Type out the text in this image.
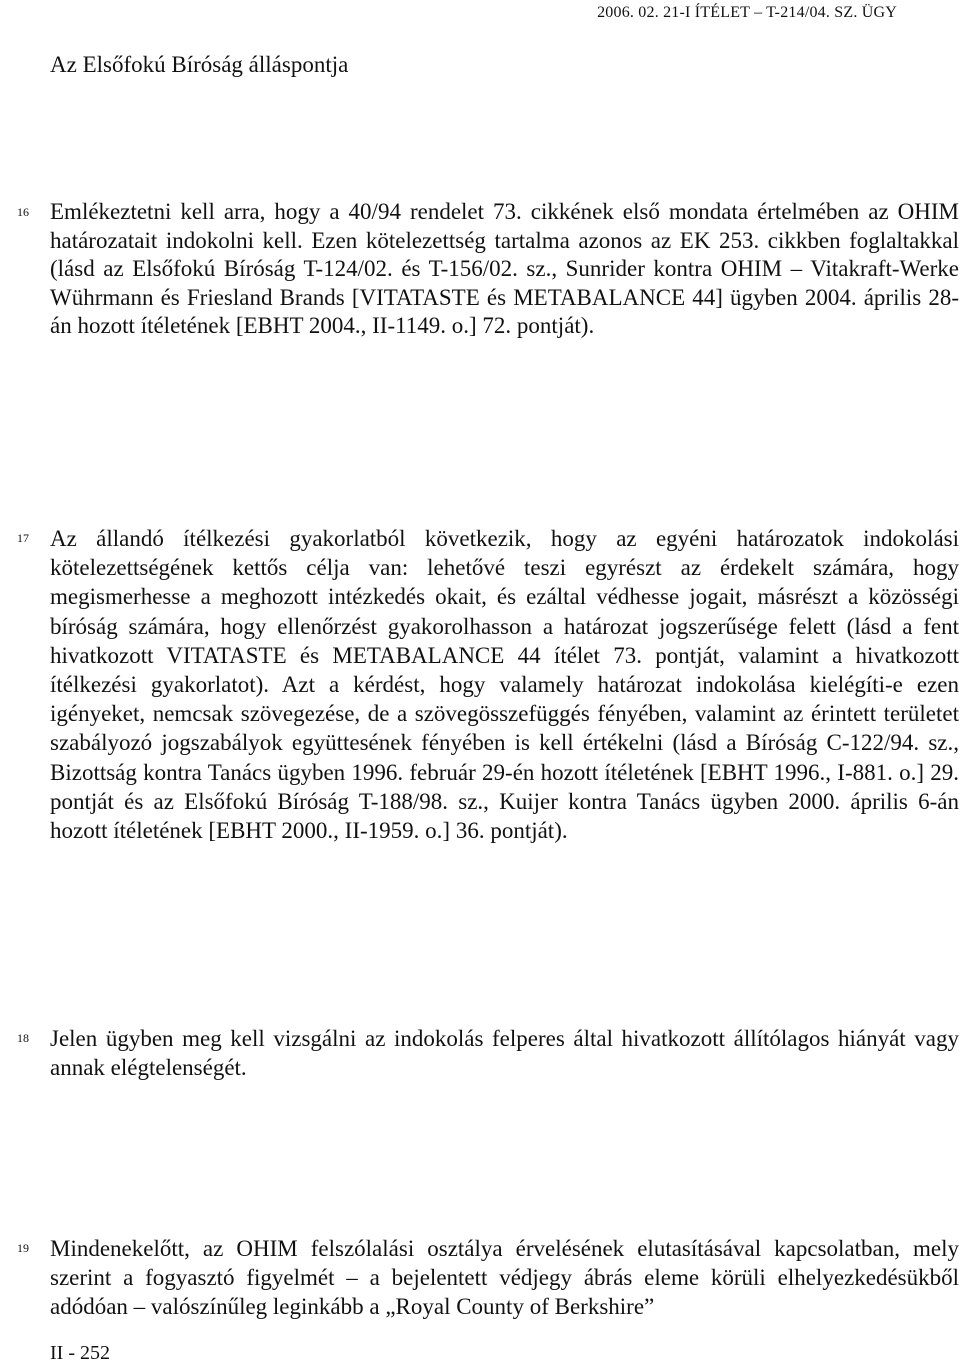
2006. 02. 21-I ÍTÉLET – T-214/04. SZ. ÜGY
Az Elsőfokú Bíróság álláspontja
16 Emlékeztetni kell arra, hogy a 40/94 rendelet 73. cikkének első mondata értelmében az OHIM határozatait indokolni kell. Ezen kötelezettség tartalma azonos az EK 253. cikkben foglaltakkal (lásd az Elsőfokú Bíróság T-124/02. és T-156/02. sz., Sunrider kontra OHIM – Vitakraft-Werke Wührmann és Friesland Brands [VITATASTE és METABALANCE 44] ügyben 2004. április 28-án hozott ítéletének [EBHT 2004., II-1149. o.] 72. pontját).
17 Az állandó ítélkezési gyakorlatból következik, hogy az egyéni határozatok indokolási kötelezettségének kettős célja van: lehetővé teszi egyrészt az érdekelt számára, hogy megismerhesse a meghozott intézkedés okait, és ezáltal védhesse jogait, másrészt a közösségi bíróság számára, hogy ellenőrzést gyakorolhasson a határozat jogszerűsége felett (lásd a fent hivatkozott VITATASTE és METABALANCE 44 ítélet 73. pontját, valamint a hivatkozott ítélkezési gyakorlatot). Azt a kérdést, hogy valamely határozat indokolása kielégíti-e ezen igényeket, nemcsak szövegezése, de a szövegösszefüggés fényében, valamint az érintett területet szabályozó jogszabályok együttesének fényében is kell értékelni (lásd a Bíróság C-122/94. sz., Bizottság kontra Tanács ügyben 1996. február 29-én hozott ítéletének [EBHT 1996., I-881. o.] 29. pontját és az Elsőfokú Bíróság T-188/98. sz., Kuijer kontra Tanács ügyben 2000. április 6-án hozott ítéletének [EBHT 2000., II-1959. o.] 36. pontját).
18 Jelen ügyben meg kell vizsgálni az indokolás felperes által hivatkozott állítólagos hiányát vagy annak elégtelenségét.
19 Mindenekelőtt, az OHIM felszólalási osztálya érvelésének elutasításával kapcsolatban, mely szerint a fogyasztó figyelmét – a bejelentett védjegy ábrás eleme körüli elhelyezkedésükből adódóan – valószínűleg leginkább a „Royal County of Berkshire”
II - 252
